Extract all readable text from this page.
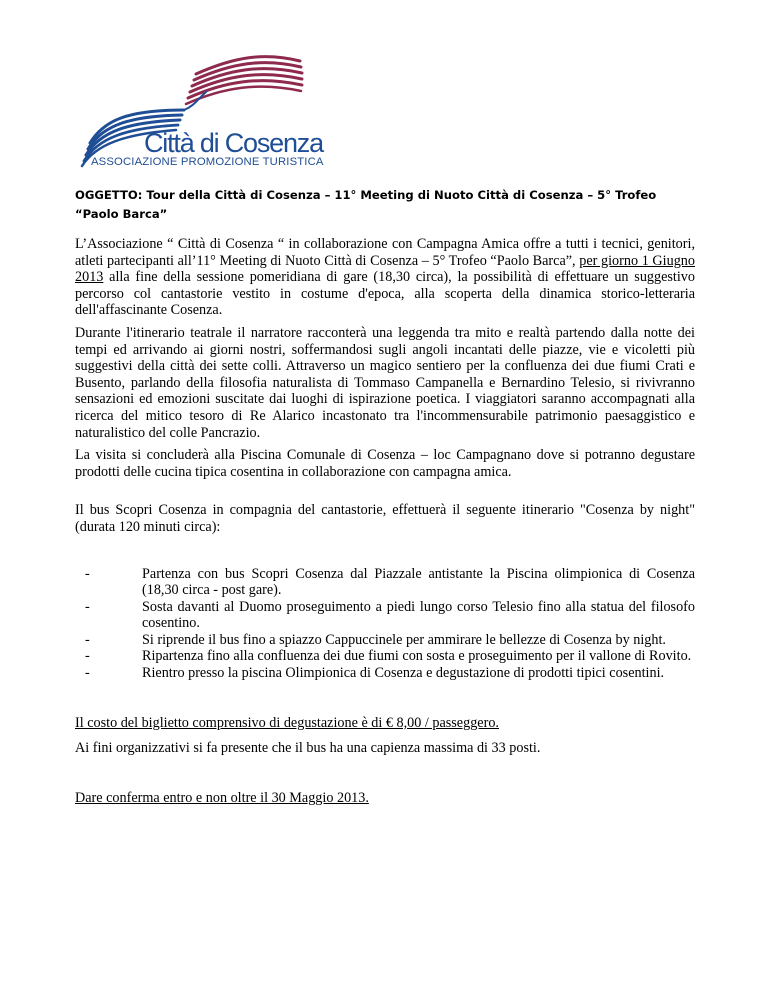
Città di Cosenza
ASSOCIAZIONE PROMOZIONE TURISTICA
OGGETTO: Tour della Città di Cosenza – 11° Meeting di Nuoto Città di Cosenza – 5° Trofeo “Paolo Barca”

L’Associazione “ Città di Cosenza “ in collaborazione con Campagna Amica offre a tutti i tecnici, genitori, atleti partecipanti all’11° Meeting di Nuoto Città di Cosenza – 5° Trofeo “Paolo Barca”, per giorno 1 Giugno 2013 alla fine della sessione pomeridiana di gare (18,30 circa), la possibilità di effettuare un suggestivo percorso col cantastorie vestito in costume d'epoca, alla scoperta della dinamica storico-letteraria dell'affascinante Cosenza.

Durante l'itinerario teatrale il narratore racconterà una leggenda tra mito e realtà partendo dalla notte dei tempi ed arrivando ai giorni nostri, soffermandosi sugli angoli incantati delle piazze, vie e vicoletti più suggestivi della città dei sette colli. Attraverso un magico sentiero per la confluenza dei due fiumi Crati e Busento, parlando della filosofia naturalista di Tommaso Campanella e Bernardino Telesio, si rivivranno sensazioni ed emozioni suscitate dai luoghi di ispirazione poetica. I viaggiatori saranno accompagnati alla ricerca del mitico tesoro di Re Alarico incastonato tra l'incommensurabile patrimonio paesaggistico e naturalistico del colle Pancrazio.

La visita si concluderà alla Piscina Comunale di Cosenza – loc Campagnano dove si potranno degustare prodotti delle cucina tipica cosentina in collaborazione con campagna amica.

Il bus Scopri Cosenza in compagnia del cantastorie, effettuerà il seguente itinerario "Cosenza by night" (durata 120 minuti circa):

-	Partenza con bus Scopri Cosenza dal Piazzale antistante la Piscina olimpionica di Cosenza (18,30 circa - post gare).
-	Sosta davanti al Duomo proseguimento a piedi lungo corso Telesio fino alla statua del filosofo cosentino.
-	Si riprende il bus fino a spiazzo Cappuccinele per ammirare le bellezze di Cosenza by night.
-	Ripartenza fino alla confluenza dei due fiumi con sosta e proseguimento per il vallone di Rovito.
-	Rientro presso la piscina Olimpionica di Cosenza e degustazione di prodotti tipici cosentini.

Il costo del biglietto comprensivo di degustazione è di € 8,00 / passeggero.

Ai fini organizzativi si fa presente che il bus ha una capienza massima di 33 posti.

Dare conferma entro e non oltre il 30 Maggio 2013.
